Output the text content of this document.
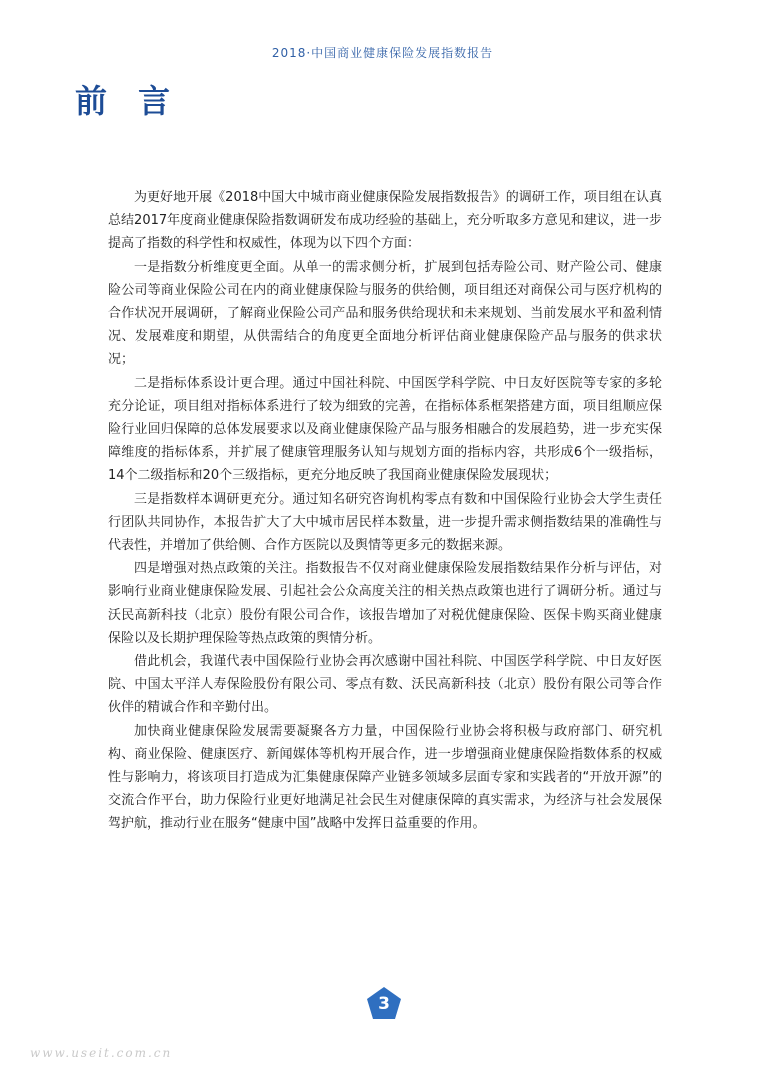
2018·中国商业健康保险发展指数报告
前 言

为更好地开展《2018中国大中城市商业健康保险发展指数报告》的调研工作，项目组在认真总结2017年度商业健康保险指数调研发布成功经验的基础上，充分听取多方意见和建议，进一步提高了指数的科学性和权威性，体现为以下四个方面：

一是指数分析维度更全面。从单一的需求侧分析，扩展到包括寿险公司、财产险公司、健康险公司等商业保险公司在内的商业健康保险与服务的供给侧，项目组还对商保公司与医疗机构的合作状况开展调研，了解商业保险公司产品和服务供给现状和未来规划、当前发展水平和盈利情况、发展难度和期望，从供需结合的角度更全面地分析评估商业健康保险产品与服务的供求状况；

二是指标体系设计更合理。通过中国社科院、中国医学科学院、中日友好医院等专家的多轮充分论证，项目组对指标体系进行了较为细致的完善，在指标体系框架搭建方面，项目组顺应保险行业回归保障的总体发展要求以及商业健康保险产品与服务相融合的发展趋势，进一步充实保障维度的指标体系，并扩展了健康管理服务认知与规划方面的指标内容，共形成6个一级指标，14个二级指标和20个三级指标，更充分地反映了我国商业健康保险发展现状；

三是指数样本调研更充分。通过知名研究咨询机构零点有数和中国保险行业协会大学生责任行团队共同协作，本报告扩大了大中城市居民样本数量，进一步提升需求侧指数结果的准确性与代表性，并增加了供给侧、合作方医院以及舆情等更多元的数据来源。

四是增强对热点政策的关注。指数报告不仅对商业健康保险发展指数结果作分析与评估，对影响行业商业健康保险发展、引起社会公众高度关注的相关热点政策也进行了调研分析。通过与沃民高新科技（北京）股份有限公司合作，该报告增加了对税优健康保险、医保卡购买商业健康保险以及长期护理保险等热点政策的舆情分析。

借此机会，我谨代表中国保险行业协会再次感谢中国社科院、中国医学科学院、中日友好医院、中国太平洋人寿保险股份有限公司、零点有数、沃民高新科技（北京）股份有限公司等合作伙伴的精诚合作和辛勤付出。

加快商业健康保险发展需要凝聚各方力量，中国保险行业协会将积极与政府部门、研究机构、商业保险、健康医疗、新闻媒体等机构开展合作，进一步增强商业健康保险指数体系的权威性与影响力，将该项目打造成为汇集健康保障产业链多领域多层面专家和实践者的“开放开源”的交流合作平台，助力保险行业更好地满足社会民生对健康保障的真实需求，为经济与社会发展保驾护航，推动行业在服务“健康中国”战略中发挥日益重要的作用。

3
www.useit.com.cn
